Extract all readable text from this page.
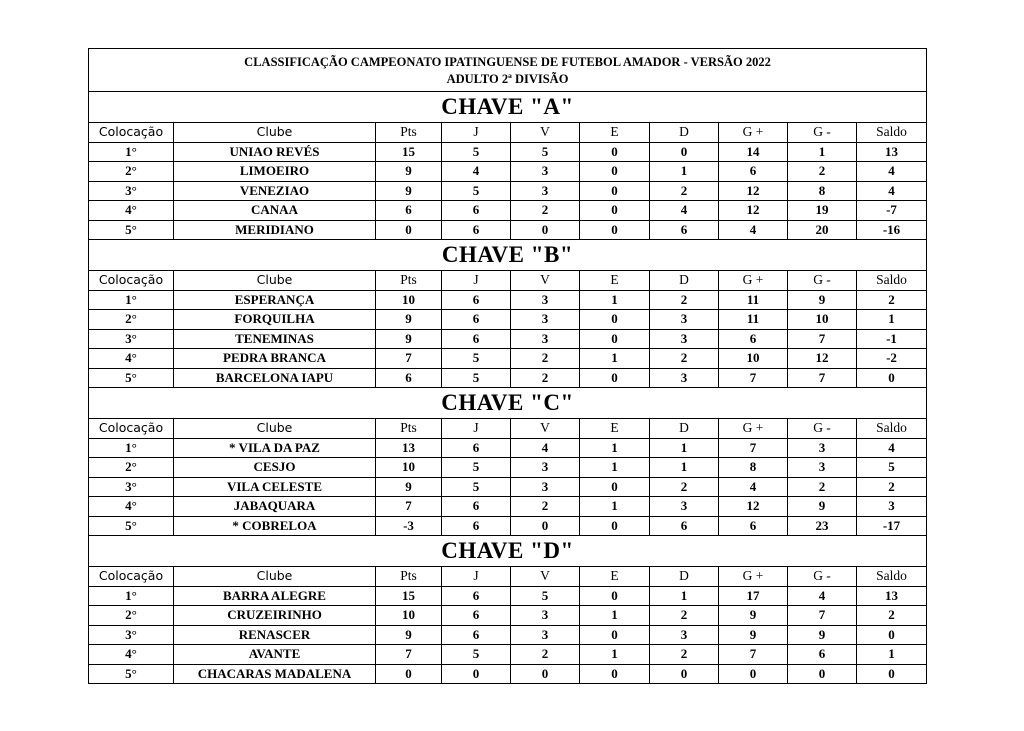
CLASSIFICAÇÃO CAMPEONATO IPATINGUENSE DE FUTEBOL AMADOR - VERSÃO 2022
ADULTO 2ª DIVISÃO									

CHAVE "A"									
Colocação	Clube	Pts	J	V	E	D	G +	G -	Saldo
1°	UNIAO REVÉS	15	5	5	0	0	14	1	13
2°	LIMOEIRO	9	4	3	0	1	6	2	4
3°	VENEZIAO	9	5	3	0	2	12	8	4
4°	CANAA	6	6	2	0	4	12	19	-7
5°	MERIDIANO	0	6	0	0	6	4	20	-16
CHAVE "B"									
Colocação	Clube	Pts	J	V	E	D	G +	G -	Saldo
1°	ESPERANÇA	10	6	3	1	2	11	9	2
2°	FORQUILHA	9	6	3	0	3	11	10	1
3°	TENEMINAS	9	6	3	0	3	6	7	-1
4°	PEDRA BRANCA	7	5	2	1	2	10	12	-2
5°	BARCELONA IAPU	6	5	2	0	3	7	7	0
CHAVE "C"									
Colocação	Clube	Pts	J	V	E	D	G +	G -	Saldo
1°	* VILA DA PAZ	13	6	4	1	1	7	3	4
2°	CESJO	10	5	3	1	1	8	3	5
3°	VILA CELESTE	9	5	3	0	2	4	2	2
4°	JABAQUARA	7	6	2	1	3	12	9	3
5°	* COBRELOA	-3	6	0	0	6	6	23	-17
CHAVE "D"									
Colocação	Clube	Pts	J	V	E	D	G +	G -	Saldo
1°	BARRA ALEGRE	15	6	5	0	1	17	4	13
2°	CRUZEIRINHO	10	6	3	1	2	9	7	2
3°	RENASCER	9	6	3	0	3	9	9	0
4°	AVANTE	7	5	2	1	2	7	6	1
5°	CHACARAS MADALENA	0	0	0	0	0	0	0	0
